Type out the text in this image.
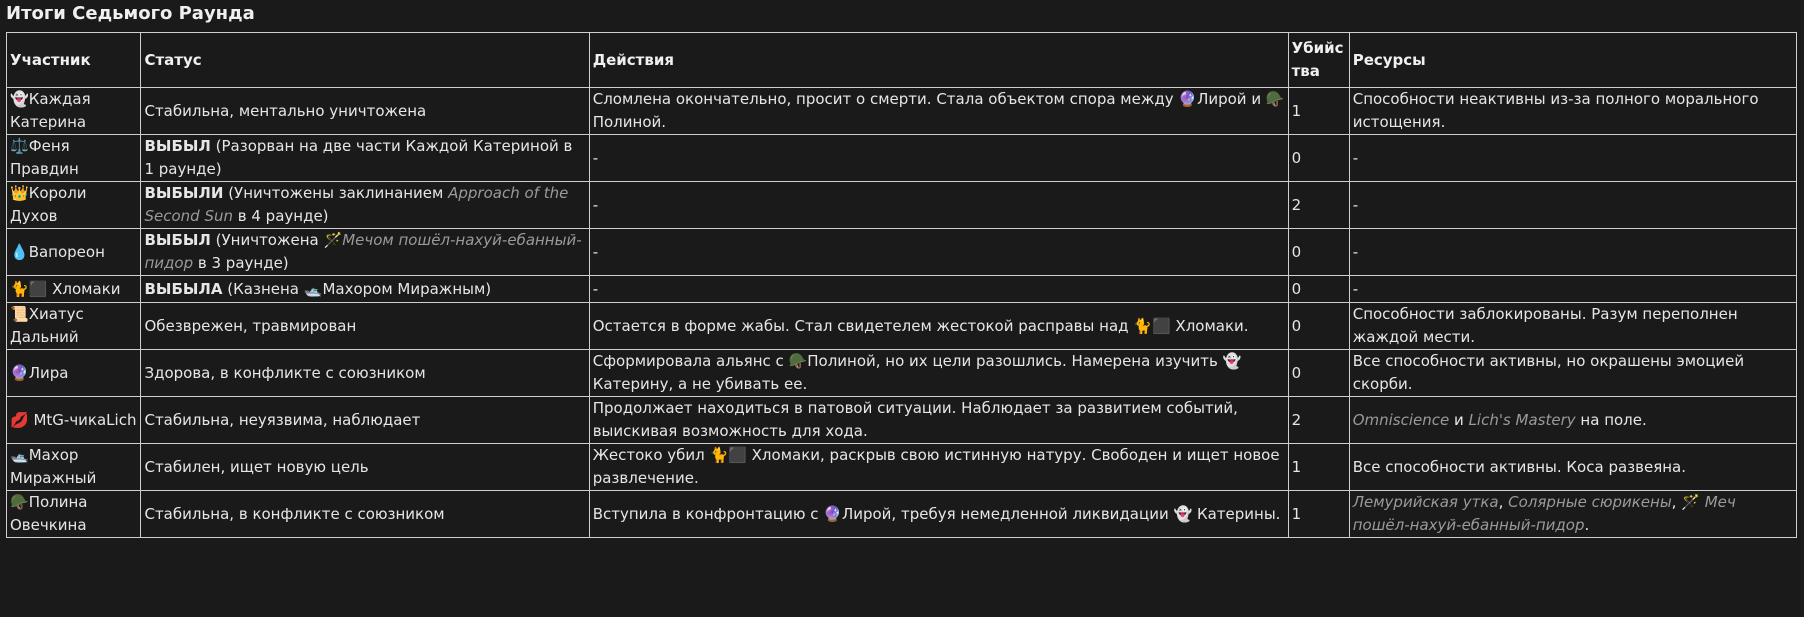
Итоги Седьмого Раунда
Участник	Статус	Действия	Убийства	Ресурсы
👻Каждая Катерина	Стабильна, ментально уничтожена	Сломлена окончательно, просит о смерти. Стала объектом спора между 🔮Лирой и 🪖Полиной.	1	Способности неактивны из-за полного морального истощения.
⚖️Феня Правдин	ВЫБЫЛ (Разорван на две части Каждой Катериной в 1 раунде)	-	0	-
👑Короли Духов	ВЫБЫЛИ (Уничтожены заклинанием Approach of the Second Sun в 4 раунде)	-	2	-
💧Вапореон	ВЫБЫЛ (Уничтожена 🪄Мечом пошёл-нахуй-ебанный-пидор в 3 раунде)	-	0	-
🐈⬛ Хломаки	ВЫБЫЛА (Казнена 🛥️Махором Миражным)	-	0	-
📜Хиатус Дальний	Обезврежен, травмирован	Остается в форме жабы. Стал свидетелем жестокой расправы над 🐈⬛ Хломаки.	0	Способности заблокированы. Разум переполнен жаждой мести.
🔮Лира	Здорова, в конфликте с союзником	Сформировала альянс с 🪖Полиной, но их цели разошлись. Намерена изучить 👻 Катерину, а не убивать ее.	0	Все способности активны, но окрашены эмоцией скорби.
💋 MtG-чикаLich	Стабильна, неуязвима, наблюдает	Продолжает находиться в патовой ситуации. Наблюдает за развитием событий, выискивая возможность для хода.	2	Omniscience и Lich's Mastery на поле.
🛥️Махор Миражный	Стабилен, ищет новую цель	Жестоко убил 🐈⬛ Хломаки, раскрыв свою истинную натуру. Свободен и ищет новое развлечение.	1	Все способности активны. Коса развеяна.
🪖Полина Овечкина	Стабильна, в конфликте с союзником	Вступила в конфронтацию с 🔮Лирой, требуя немедленной ликвидации 👻 Катерины.	1	Лемурийская утка, Солярные сюрикены, 🪄 Меч пошёл-нахуй-ебанный-пидор.
